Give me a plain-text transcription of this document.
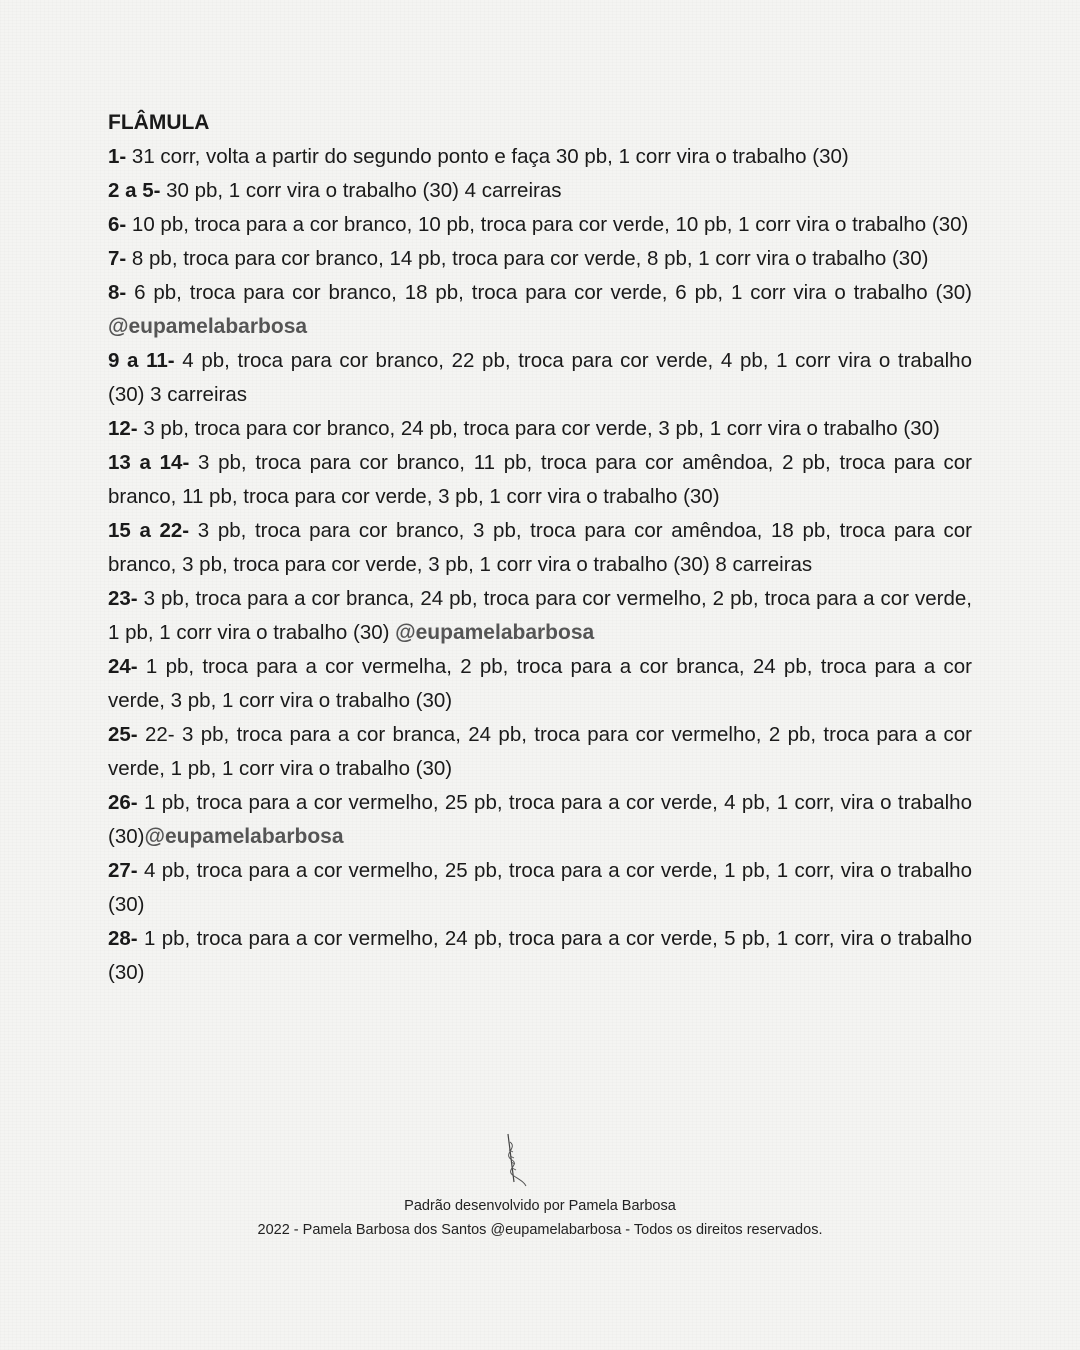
FLÂMULA

1- 31 corr, volta a partir do segundo ponto e faça 30 pb, 1 corr vira o trabalho (30)

2 a 5- 30 pb, 1 corr vira o trabalho (30) 4 carreiras

6- 10 pb, troca para a cor branco, 10 pb, troca para cor verde, 10 pb, 1 corr vira o trabalho (30)

7- 8 pb, troca para cor branco, 14 pb, troca para cor verde, 8 pb, 1 corr vira o trabalho (30)

8- 6 pb, troca para cor branco, 18 pb, troca para cor verde, 6 pb, 1 corr vira o trabalho (30) @eupamelabarbosa

9 a 11- 4 pb, troca para cor branco, 22 pb, troca para cor verde, 4 pb, 1 corr vira o trabalho (30) 3 carreiras

12- 3 pb, troca para cor branco, 24 pb, troca para cor verde, 3 pb, 1 corr vira o trabalho (30)

13 a 14- 3 pb, troca para cor branco, 11 pb, troca para cor amêndoa, 2 pb, troca para cor branco, 11 pb, troca para cor verde, 3 pb, 1 corr vira o trabalho (30)

15 a 22- 3 pb, troca para cor branco, 3 pb, troca para cor amêndoa, 18 pb, troca para cor branco, 3 pb, troca para cor verde, 3 pb, 1 corr vira o trabalho (30) 8 carreiras

23- 3 pb, troca para a cor branca, 24 pb, troca para cor vermelho, 2 pb, troca para a cor verde, 1 pb, 1 corr vira o trabalho (30) @eupamelabarbosa

24- 1 pb, troca para a cor vermelha, 2 pb, troca para a cor branca, 24 pb, troca para a cor verde, 3 pb, 1 corr vira o trabalho (30)

25- 22- 3 pb, troca para a cor branca, 24 pb, troca para cor vermelho, 2 pb, troca para a cor verde, 1 pb, 1 corr vira o trabalho (30)

26- 1 pb, troca para a cor vermelho, 25 pb, troca para a cor verde, 4 pb, 1 corr, vira o trabalho (30)@eupamelabarbosa

27- 4 pb, troca para a cor vermelho, 25 pb, troca para a cor verde, 1 pb, 1 corr, vira o trabalho (30)

28- 1 pb, troca para a cor vermelho, 24 pb, troca para a cor verde, 5 pb, 1 corr, vira o trabalho (30)

Padrão desenvolvido por Pamela Barbosa
2022 - Pamela Barbosa dos Santos @eupamelabarbosa - Todos os direitos reservados.
